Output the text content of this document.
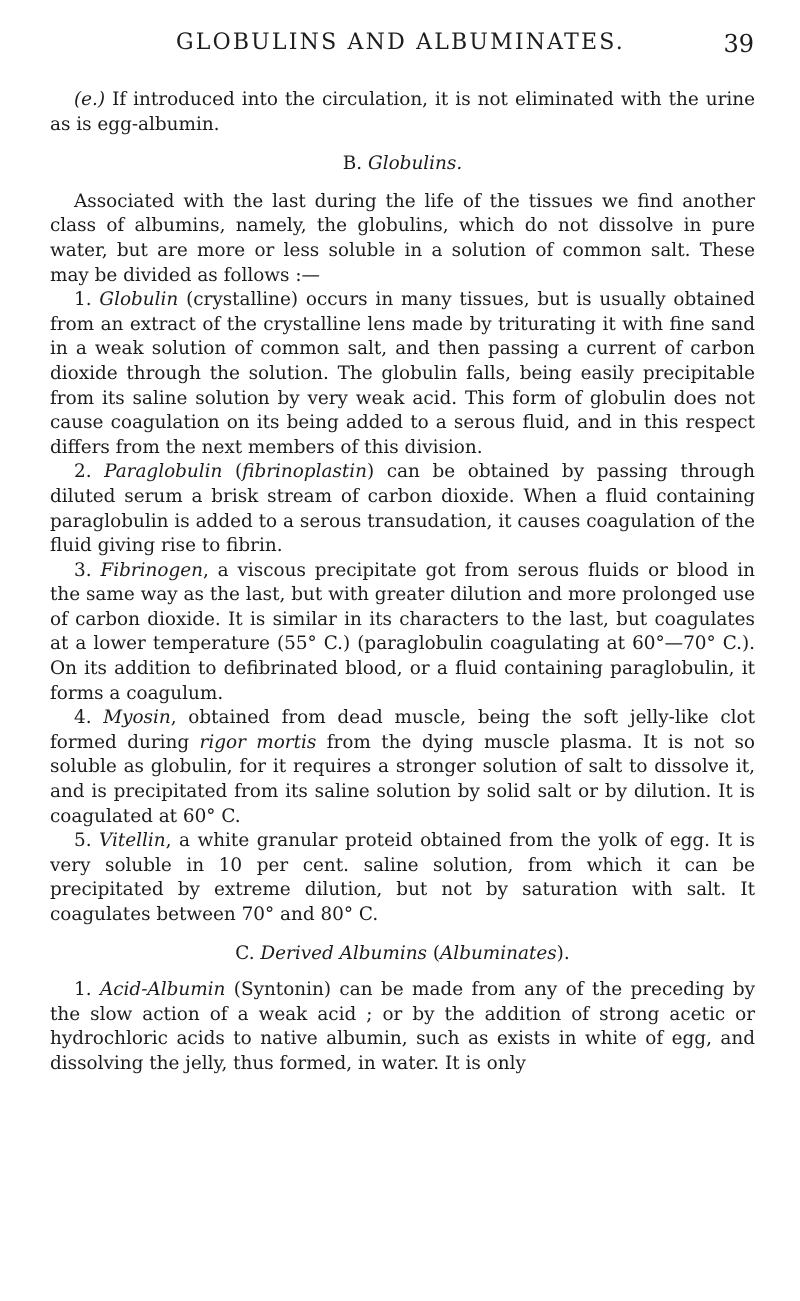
GLOBULINS AND ALBUMINATES.	39

(e.) If introduced into the circulation, it is not eliminated with the urine as is egg-albumin.

B. Globulins.

Associated with the last during the life of the tissues we find another class of albumins, namely, the globulins, which do not dissolve in pure water, but are more or less soluble in a solution of common salt. These may be divided as follows :—

1. Globulin (crystalline) occurs in many tissues, but is usually obtained from an extract of the crystalline lens made by triturating it with fine sand in a weak solution of common salt, and then passing a current of carbon dioxide through the solution. The globulin falls, being easily precipitable from its saline solution by very weak acid. This form of globulin does not cause coagulation on its being added to a serous fluid, and in this respect differs from the next members of this division.

2. Paraglobulin (fibrinoplastin) can be obtained by passing through diluted serum a brisk stream of carbon dioxide. When a fluid containing paraglobulin is added to a serous transudation, it causes coagulation of the fluid giving rise to fibrin.

3. Fibrinogen, a viscous precipitate got from serous fluids or blood in the same way as the last, but with greater dilution and more prolonged use of carbon dioxide. It is similar in its characters to the last, but coagulates at a lower temperature (55° C.) (paraglobulin coagulating at 60°—70° C.). On its addition to defibrinated blood, or a fluid containing paraglobulin, it forms a coagulum.

4. Myosin, obtained from dead muscle, being the soft jelly-like clot formed during rigor mortis from the dying muscle plasma. It is not so soluble as globulin, for it requires a stronger solution of salt to dissolve it, and is precipitated from its saline solution by solid salt or by dilution. It is coagulated at 60° C.

5. Vitellin, a white granular proteid obtained from the yolk of egg. It is very soluble in 10 per cent. saline solution, from which it can be precipitated by extreme dilution, but not by saturation with salt. It coagulates between 70° and 80° C.

C. Derived Albumins (Albuminates).

1. Acid-Albumin (Syntonin) can be made from any of the preceding by the slow action of a weak acid ; or by the addition of strong acetic or hydrochloric acids to native albumin, such as exists in white of egg, and dissolving the jelly, thus formed, in water. It is only
